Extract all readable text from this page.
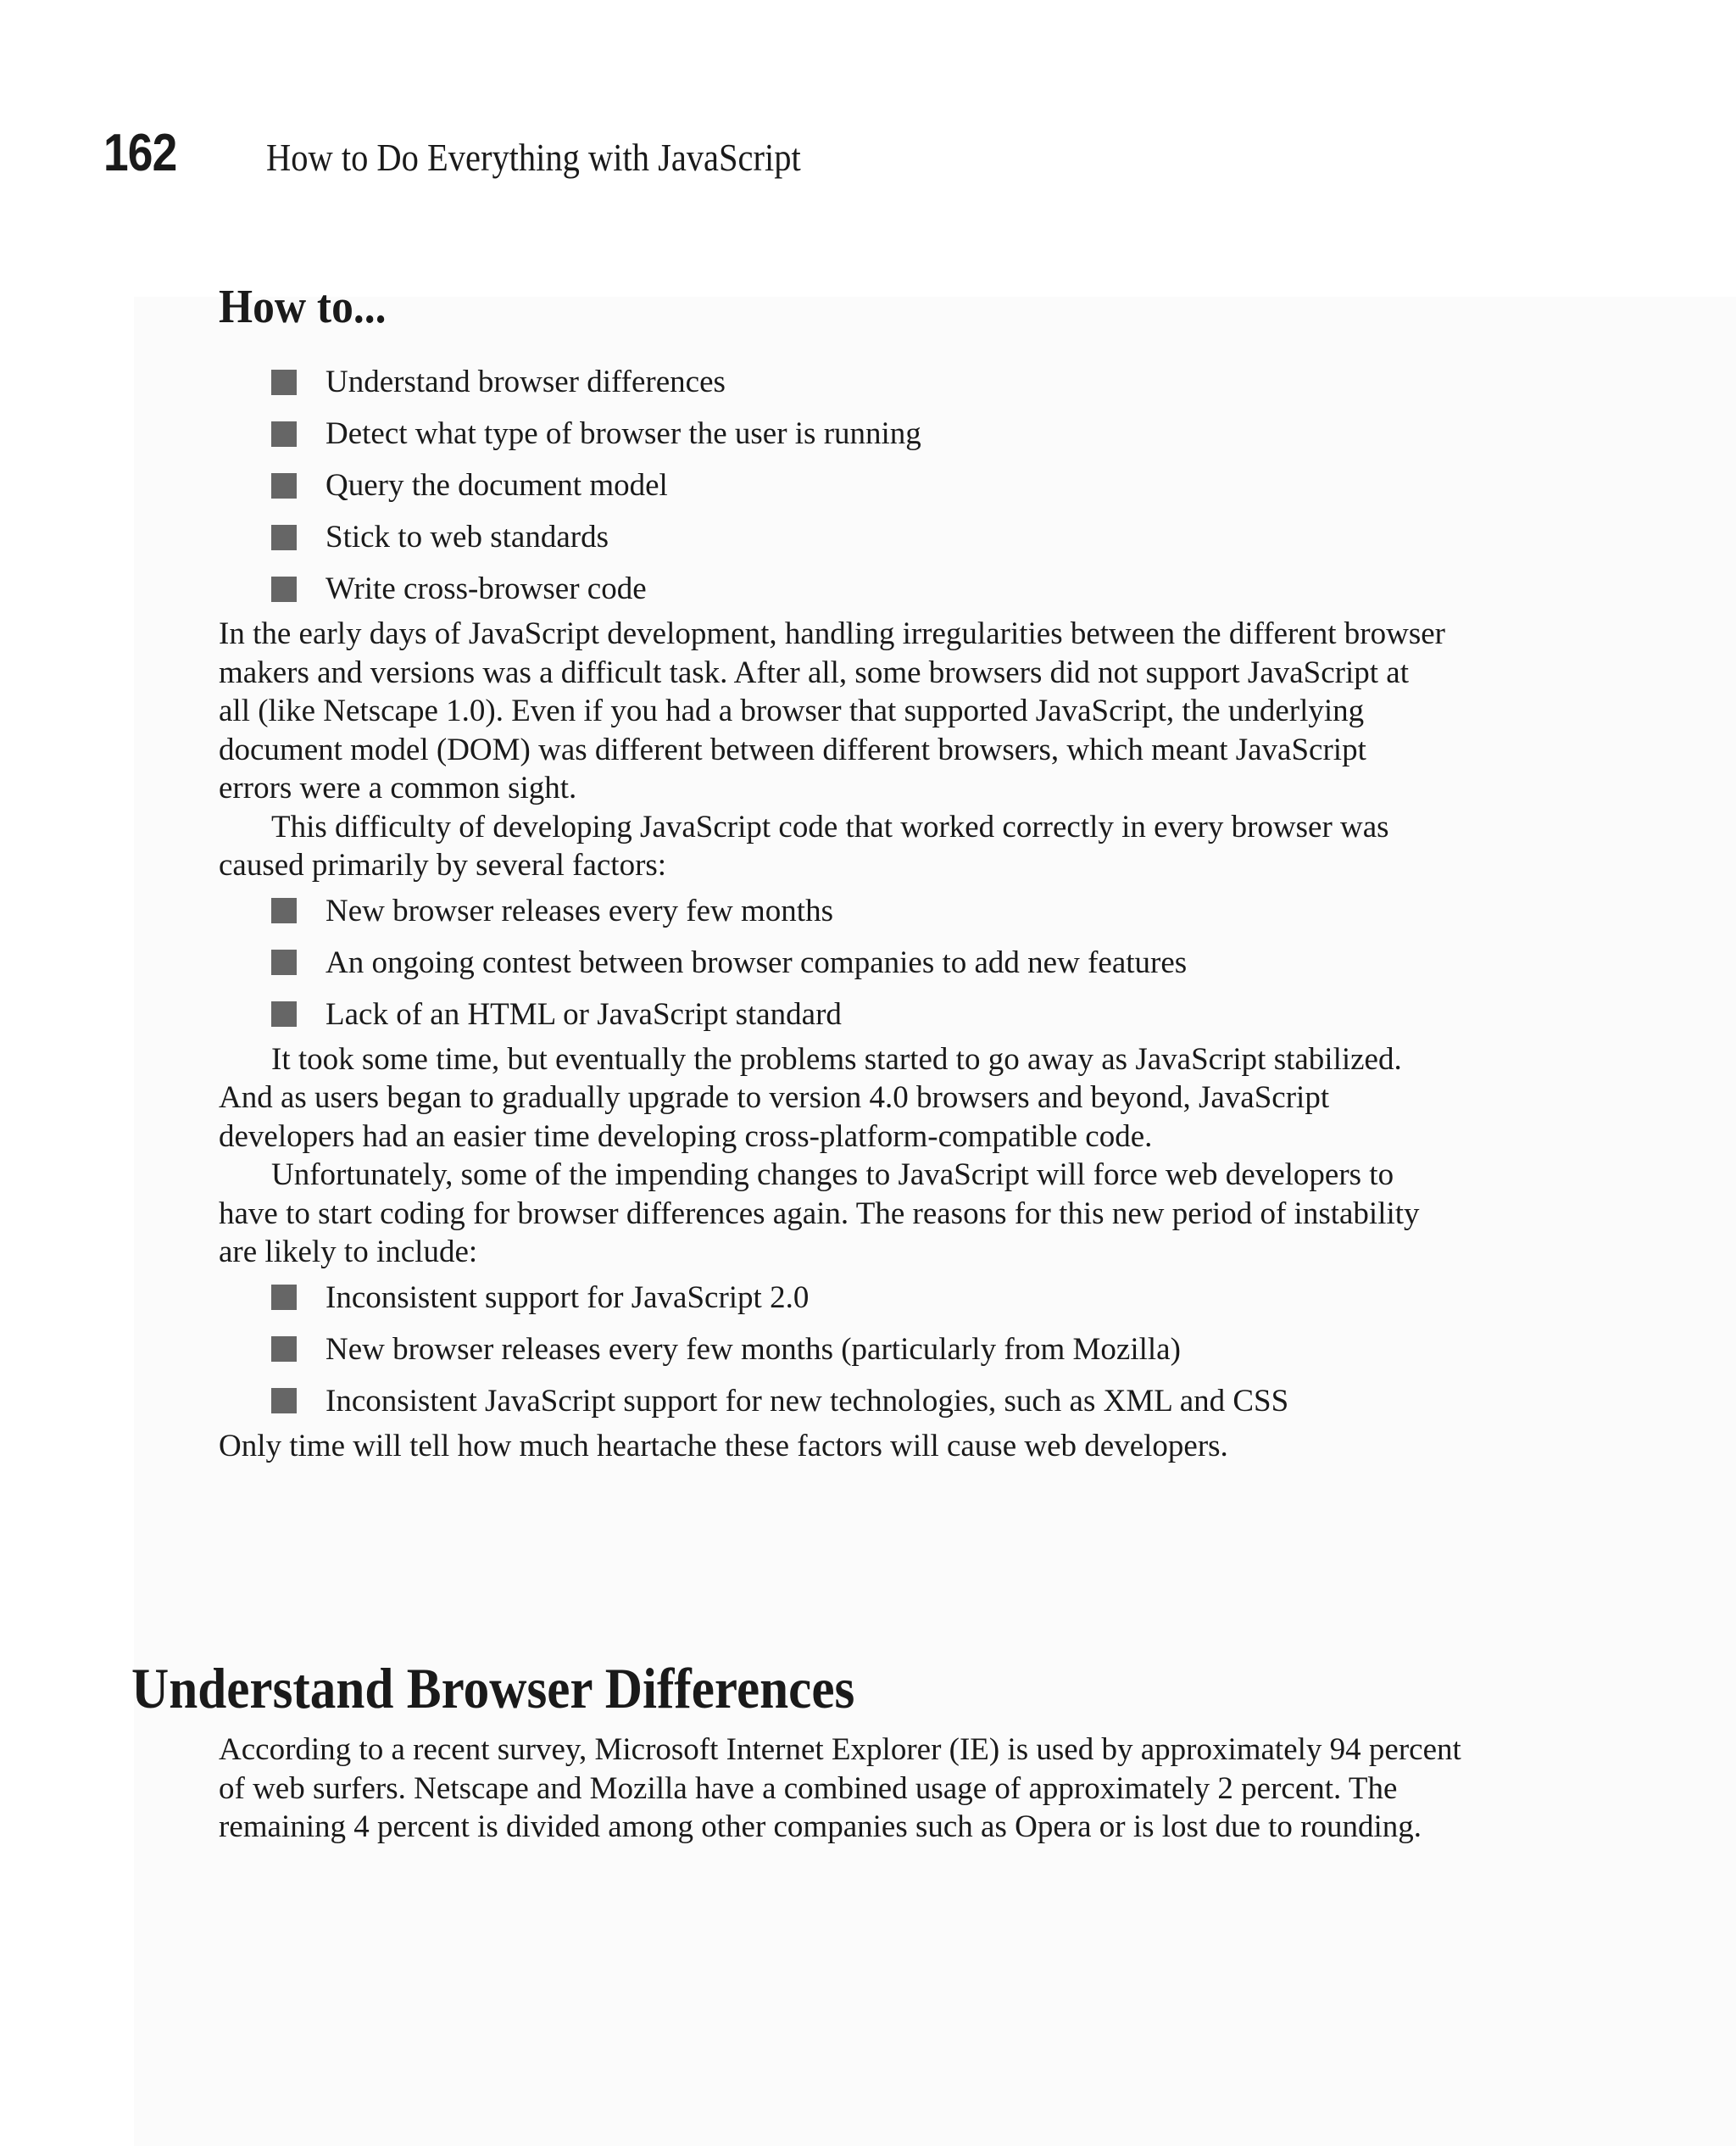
162 How to Do Everything with JavaScript
How to...
Understand browser differences
Detect what type of browser the user is running
Query the document model
Stick to web standards
Write cross-browser code

In the early days of JavaScript development, handling irregularities between the different browser
makers and versions was a difficult task. After all, some browsers did not support JavaScript at
all (like Netscape 1.0). Even if you had a browser that supported JavaScript, the underlying
document model (DOM) was different between different browsers, which meant JavaScript
errors were a common sight.

This difficulty of developing JavaScript code that worked correctly in every browser was
caused primarily by several factors:

New browser releases every few months
An ongoing contest between browser companies to add new features
Lack of an HTML or JavaScript standard

It took some time, but eventually the problems started to go away as JavaScript stabilized.
And as users began to gradually upgrade to version 4.0 browsers and beyond, JavaScript
developers had an easier time developing cross-platform-compatible code.

Unfortunately, some of the impending changes to JavaScript will force web developers to
have to start coding for browser differences again. The reasons for this new period of instability
are likely to include:

Inconsistent support for JavaScript 2.0
New browser releases every few months (particularly from Mozilla)
Inconsistent JavaScript support for new technologies, such as XML and CSS

Only time will tell how much heartache these factors will cause web developers.

Understand Browser Differences

According to a recent survey, Microsoft Internet Explorer (IE) is used by approximately 94 percent
of web surfers. Netscape and Mozilla have a combined usage of approximately 2 percent. The
remaining 4 percent is divided among other companies such as Opera or is lost due to rounding.
